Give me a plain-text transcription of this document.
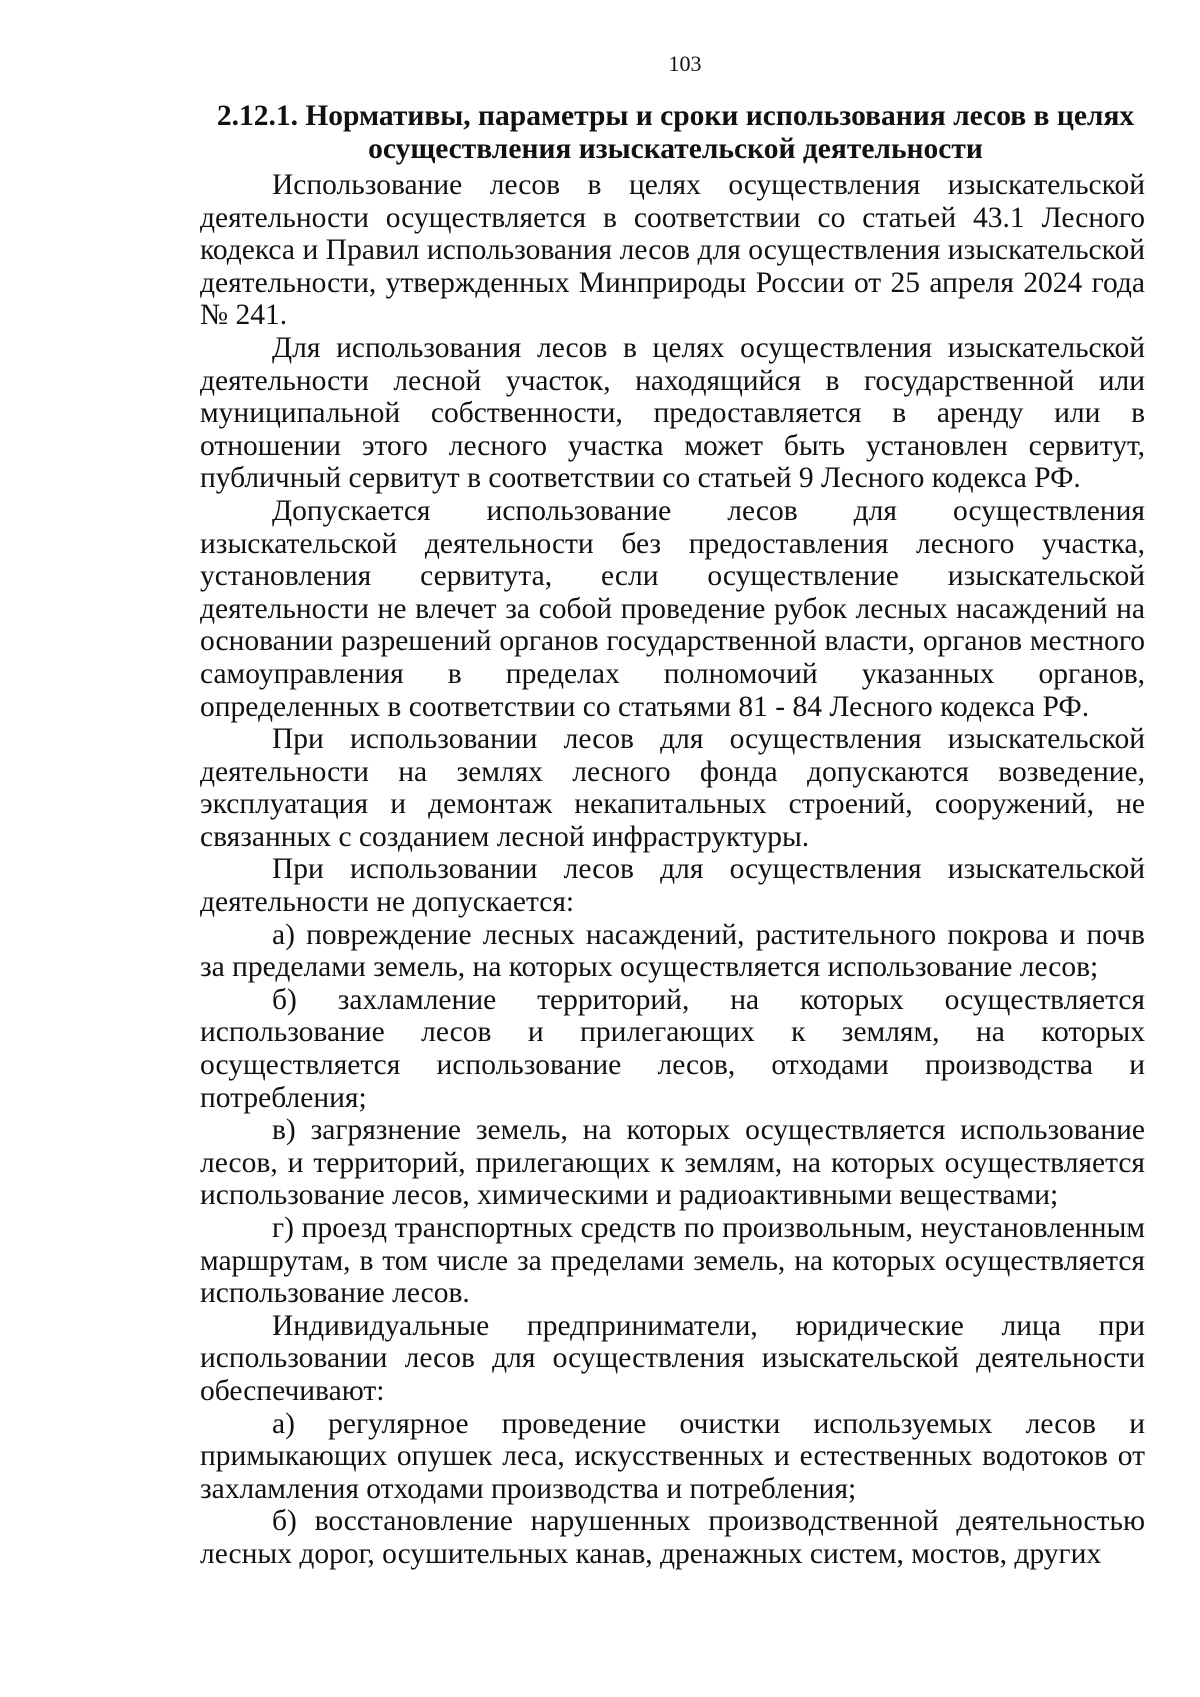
103
2.12.1. Нормативы, параметры и сроки использования лесов в целях осуществления изыскательской деятельности

Использование лесов в целях осуществления изыскательской деятельности осуществляется в соответствии со статьей 43.1 Лесного кодекса и Правил использования лесов для осуществления изыскательской деятельности, утвержденных Минприроды России от 25 апреля 2024 года № 241.

Для использования лесов в целях осуществления изыскательской деятельности лесной участок, находящийся в государственной или муниципальной собственности, предоставляется в аренду или в отношении этого лесного участка может быть установлен сервитут, публичный сервитут в соответствии со статьей 9 Лесного кодекса РФ.

Допускается использование лесов для осуществления изыскательской деятельности без предоставления лесного участка, установления сервитута, если осуществление изыскательской деятельности не влечет за собой проведение рубок лесных насаждений на основании разрешений органов государственной власти, органов местного самоуправления в пределах полномочий указанных органов, определенных в соответствии со статьями 81 - 84 Лесного кодекса РФ.

При использовании лесов для осуществления изыскательской деятельности на землях лесного фонда допускаются возведение, эксплуатация и демонтаж некапитальных строений, сооружений, не связанных с созданием лесной инфраструктуры.

При использовании лесов для осуществления изыскательской деятельности не допускается:

а) повреждение лесных насаждений, растительного покрова и почв за пределами земель, на которых осуществляется использование лесов;

б) захламление территорий, на которых осуществляется использование лесов и прилегающих к землям, на которых осуществляется использование лесов, отходами производства и потребления;

в) загрязнение земель, на которых осуществляется использование лесов, и территорий, прилегающих к землям, на которых осуществляется использование лесов, химическими и радиоактивными веществами;

г) проезд транспортных средств по произвольным, неустановленным маршрутам, в том числе за пределами земель, на которых осуществляется использование лесов.

Индивидуальные предприниматели, юридические лица при использовании лесов для осуществления изыскательской деятельности обеспечивают:

а) регулярное проведение очистки используемых лесов и примыкающих опушек леса, искусственных и естественных водотоков от захламления отходами производства и потребления;

б) восстановление нарушенных производственной деятельностью лесных дорог, осушительных канав, дренажных систем, мостов, других
